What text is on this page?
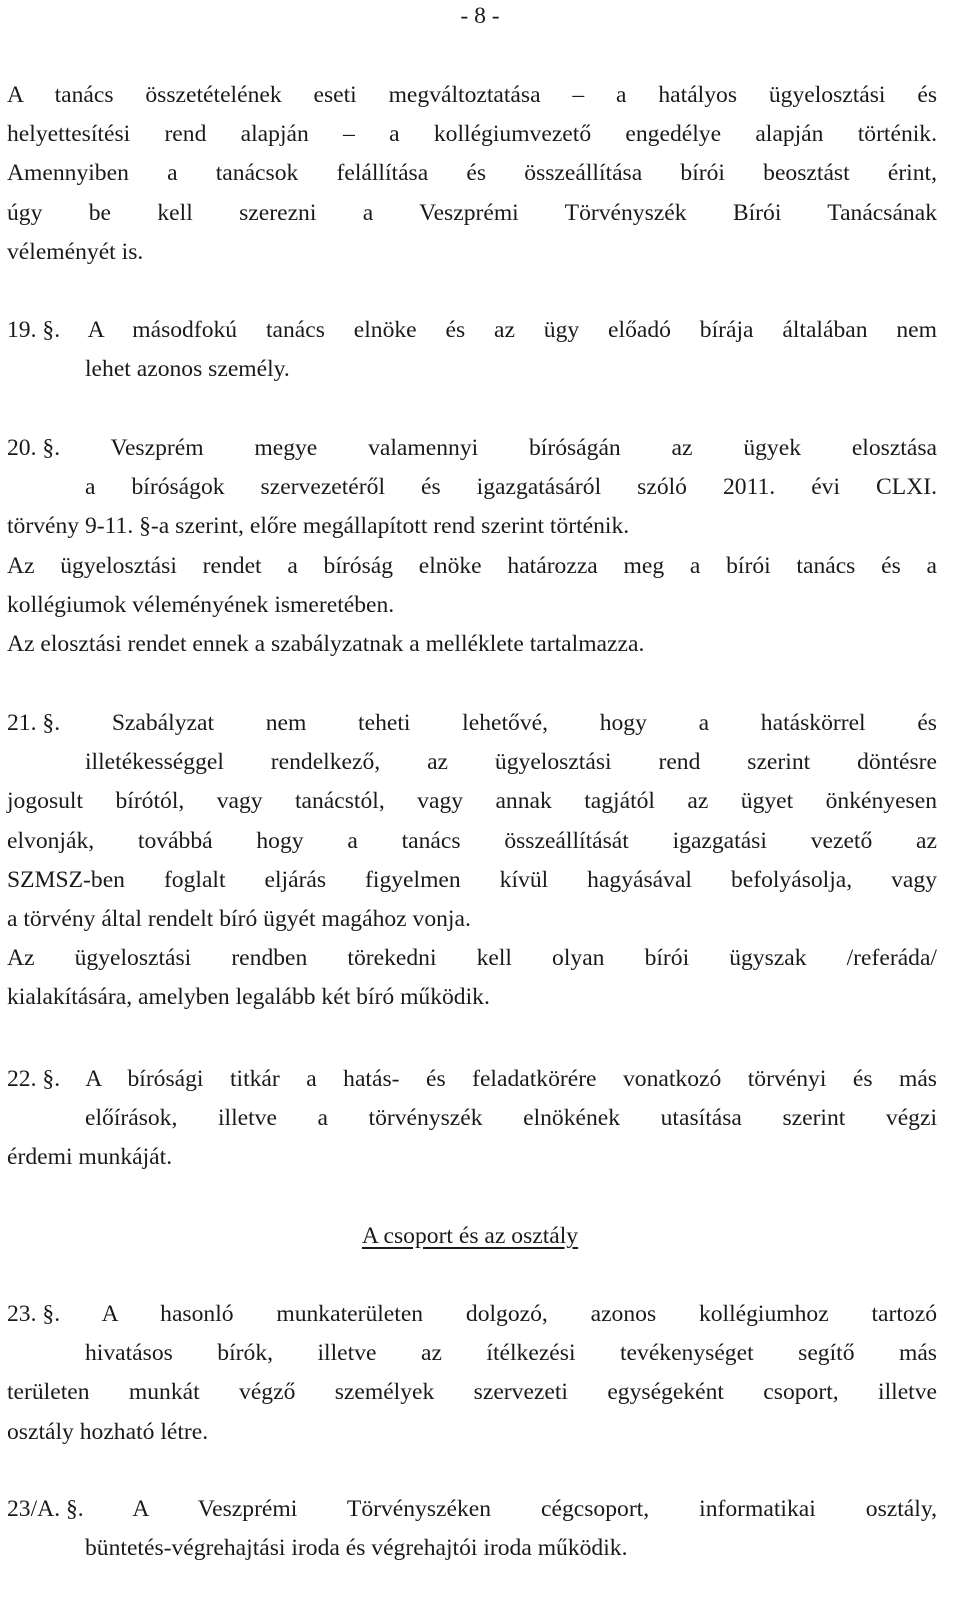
- 8 -
A tanács összetételének eseti megváltoztatása – a hatályos ügyelosztási és
helyettesítési rend alapján – a kollégiumvezető engedélye alapján történik.
Amennyiben a tanácsok felállítása és összeállítása bírói beosztást érint,
úgy be kell szerezni a Veszprémi Törvényszék Bírói Tanácsának
véleményét is.
19. §. A másodfokú tanács elnöke és az ügy előadó bírája általában nem
lehet azonos személy.
20. §. Veszprém megye valamennyi bíróságán az ügyek elosztása
a bíróságok szervezetéről és igazgatásáról szóló 2011. évi CLXI.
törvény 9-11. §-a szerint, előre megállapított rend szerint történik.
Az ügyelosztási rendet a bíróság elnöke határozza meg a bírói tanács és a
kollégiumok véleményének ismeretében.
Az elosztási rendet ennek a szabályzatnak a melléklete tartalmazza.
21. §. Szabályzat nem teheti lehetővé, hogy a hatáskörrel és
illetékességgel rendelkező, az ügyelosztási rend szerint döntésre
jogosult bírótól, vagy tanácstól, vagy annak tagjától az ügyet önkényesen
elvonják, továbbá hogy a tanács összeállítását igazgatási vezető az
SZMSZ-ben foglalt eljárás figyelmen kívül hagyásával befolyásolja, vagy
a törvény által rendelt bíró ügyét magához vonja.
Az ügyelosztási rendben törekedni kell olyan bírói ügyszak /referáda/
kialakítására, amelyben legalább két bíró működik.
22. §. A bírósági titkár a hatás- és feladatkörére vonatkozó törvényi és más
előírások, illetve a törvényszék elnökének utasítása szerint végzi
érdemi munkáját.
A csoport és az osztály
23. §. A hasonló munkaterületen dolgozó, azonos kollégiumhoz tartozó
hivatásos bírók, illetve az ítélkezési tevékenységet segítő más
területen munkát végző személyek szervezeti egységeként csoport, illetve
osztály hozható létre.
23/A. §. A Veszprémi Törvényszéken cégcsoport, informatikai osztály,
büntetés-végrehajtási iroda és végrehajtói iroda működik.
